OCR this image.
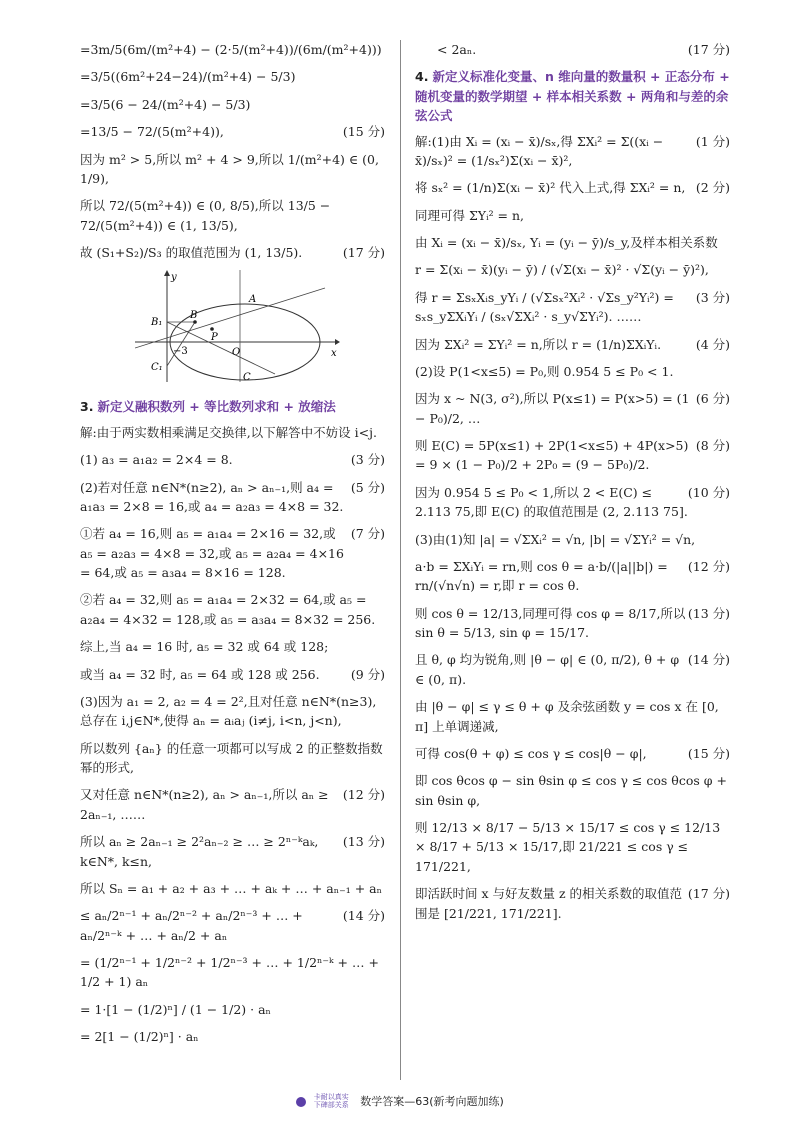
=3m/5(6m/(m²+4) − (2·5/(m²+4))/(6m/(m²+4)))
=3/5((6m²+24−24)/(m²+4) − 5/3)
=3/5(6 − 24/(m²+4) − 5/3)
=13/5 − 72/(5(m²+4)),	(15 分)
因为 m² > 5,所以 m² + 4 > 9,所以 1/(m²+4) ∈ (0, 1/9),
所以 72/(5(m²+4)) ∈ (0, 8/5),所以 13/5 − 72/(5(m²+4)) ∈ (1, 13/5),
故 (S₁+S₂)/S₃ 的取值范围为 (1, 13/5).	(17 分)
y
x
A
B
B₁
P
−3	O
C
C₁
3. 新定义融积数列 + 等比数列求和 + 放缩法
解:由于两实数相乘满足交换律,以下解答中不妨设 i<j.
(1) a₃ = a₁a₂ = 2×4 = 8.	(3 分)
(2)若对任意 n∈N*(n≥2), aₙ > aₙ₋₁,则 a₄ = a₁a₃ = 2×8 = 16,或 a₄ = a₂a₃ = 4×8 = 32.
(5 分)
①若 a₄ = 16,则 a₅ = a₁a₄ = 2×16 = 32,或 a₅ = a₂a₃ = 4×8 = 32,或 a₅ = a₂a₄ = 4×16 = 64,或 a₅ = a₃a₄ = 8×16 = 128.
(7 分)
②若 a₄ = 32,则 a₅ = a₁a₄ = 2×32 = 64,或 a₅ = a₂a₄ = 4×32 = 128,或 a₅ = a₃a₄ = 8×32 = 256.
综上,当 a₄ = 16 时, a₅ = 32 或 64 或 128;
或当 a₄ = 32 时, a₅ = 64 或 128 或 256.	(9 分)
(3)因为 a₁ = 2, a₂ = 4 = 2²,且对任意 n∈N*(n≥3),总存在 i,j∈N*,使得 aₙ = aᵢaⱼ (i≠j, i<n, j<n),
所以数列 {aₙ} 的任意一项都可以写成 2 的正整数指数幂的形式,
又对任意 n∈N*(n≥2), aₙ > aₙ₋₁,所以 aₙ ≥ 2aₙ₋₁, ……
(12 分)
所以 aₙ ≥ 2aₙ₋₁ ≥ 2²aₙ₋₂ ≥ … ≥ 2ⁿ⁻ᵏaₖ, k∈N*, k≤n,
(13 分)
所以 Sₙ = a₁ + a₂ + a₃ + … + aₖ + … + aₙ₋₁ + aₙ
≤ aₙ/2ⁿ⁻¹ + aₙ/2ⁿ⁻² + aₙ/2ⁿ⁻³ + … + aₙ/2ⁿ⁻ᵏ + … + aₙ/2 + aₙ
(14 分)
= (1/2ⁿ⁻¹ + 1/2ⁿ⁻² + 1/2ⁿ⁻³ + … + 1/2ⁿ⁻ᵏ + … + 1/2 + 1) aₙ
= 1·[1 − (1/2)ⁿ] / (1 − 1/2) · aₙ
= 2[1 − (1/2)ⁿ] · aₙ
< 2aₙ.	(17 分)
4. 新定义标准化变量、n 维向量的数量积 + 正态分布 + 随机变量的数学期望 + 样本相关系数 + 两角和与差的余弦公式
解:(1)由 Xᵢ = (xᵢ − x̄)/sₓ,得 ΣXᵢ² = Σ((xᵢ − x̄)/sₓ)² = (1/sₓ²)Σ(xᵢ − x̄)²,
(1 分)
将 sₓ² = (1/n)Σ(xᵢ − x̄)² 代入上式,得 ΣXᵢ² = n, (2 分)
同理可得 ΣYᵢ² = n,
由 Xᵢ = (xᵢ − x̄)/sₓ, Yᵢ = (yᵢ − ȳ)/s_y,及样本相关系数
r = Σ(xᵢ − x̄)(yᵢ − ȳ) / (√Σ(xᵢ − x̄)² · √Σ(yᵢ − ȳ)²),
得 r = ΣsₓXᵢs_yYᵢ / (√Σsₓ²Xᵢ² · √Σs_y²Yᵢ²) = sₓs_yΣXᵢYᵢ / (sₓ√ΣXᵢ² · s_y√ΣYᵢ²). ……
(3 分)
因为 ΣXᵢ² = ΣYᵢ² = n,所以 r = (1/n)ΣXᵢYᵢ.	(4 分)
(2)设 P(1<x≤5) = P₀,则 0.954 5 ≤ P₀ < 1.
因为 x ~ N(3, σ²),所以 P(x≤1) = P(x>5) = (1 − P₀)/2, …
(6 分)
则 E(C) = 5P(x≤1) + 2P(1<x≤5) + 4P(x>5) = 9 × (1 − P₀)/2 + 2P₀ = (9 − 5P₀)/2.
(8 分)
因为 0.954 5 ≤ P₀ < 1,所以 2 < E(C) ≤ 2.113 75,即 E(C) 的取值范围是 (2, 2.113 75].
(10 分)
(3)由(1)知 |a| = √ΣXᵢ² = √n, |b| = √ΣYᵢ² = √n,
a·b = ΣXᵢYᵢ = rn,则 cos θ = a·b/(|a||b|) = rn/(√n√n) = r,即 r = cos θ.
(12 分)
则 cos θ = 12/13,同理可得 cos φ = 8/17,所以 sin θ = 5/13, sin φ = 15/17.
(13 分)
且 θ, φ 均为锐角,则 |θ − φ| ∈ (0, π/2), θ + φ ∈ (0, π).
(14 分)
由 |θ − φ| ≤ γ ≤ θ + φ 及余弦函数 y = cos x 在 [0, π] 上单调递减,
可得 cos(θ + φ) ≤ cos γ ≤ cos|θ − φ|,	(15 分)
即 cos θcos φ − sin θsin φ ≤ cos γ ≤ cos θcos φ + sin θsin φ,
则 12/13 × 8/17 − 5/13 × 15/17 ≤ cos γ ≤ 12/13 × 8/17 + 5/13 × 15/17,即 21/221 ≤ cos γ ≤ 171/221,
即活跃时间 x 与好友数量 z 的相关系数的取值范围是 [21/221, 171/221].
(17 分)
卡耐以真实
下碑部关系 数学答案—63(新考向题加练)
